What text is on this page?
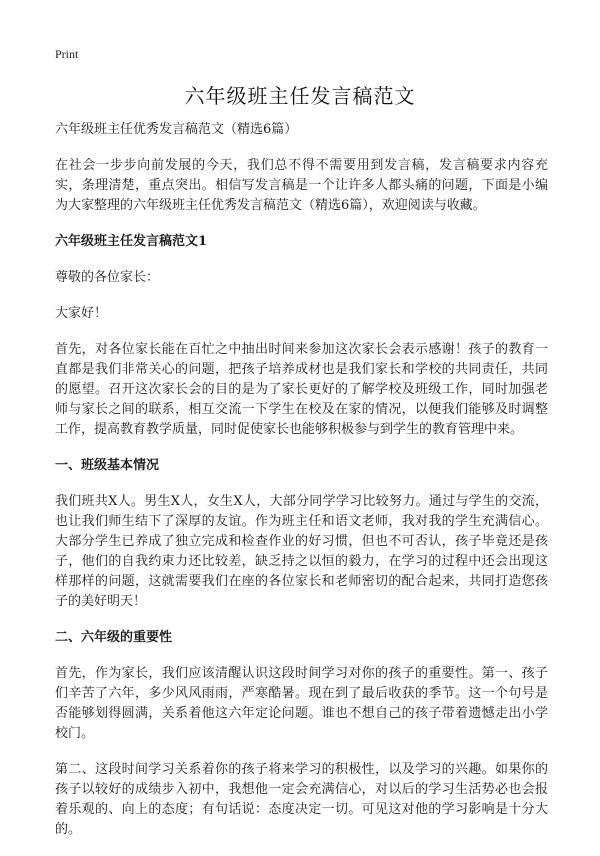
Print
六年级班主任发言稿范文

六年级班主任优秀发言稿范文（精选6篇）

在社会一步步向前发展的今天，我们总不得不需要用到发言稿，发言稿要求内容充实，条理清楚，重点突出。相信写发言稿是一个让许多人都头痛的问题，下面是小编为大家整理的六年级班主任优秀发言稿范文（精选6篇），欢迎阅读与收藏。

六年级班主任发言稿范文1

尊敬的各位家长：

大家好！

首先，对各位家长能在百忙之中抽出时间来参加这次家长会表示感谢！孩子的教育一直都是我们非常关心的问题，把孩子培养成材也是我们家长和学校的共同责任，共同的愿望。召开这次家长会的目的是为了家长更好的了解学校及班级工作，同时加强老师与家长之间的联系，相互交流一下学生在校及在家的情况，以便我们能够及时调整工作，提高教育教学质量，同时促使家长也能够积极参与到学生的教育管理中来。

一、班级基本情况

我们班共X人。男生X人，女生X人，大部分同学学习比较努力。通过与学生的交流，也让我们师生结下了深厚的友谊。作为班主任和语文老师，我对我的学生充满信心。大部分学生已养成了独立完成和检查作业的好习惯，但也不可否认，孩子毕竟还是孩子，他们的自我约束力还比较差，缺乏持之以恒的毅力，在学习的过程中还会出现这样那样的问题，这就需要我们在座的各位家长和老师密切的配合起来，共同打造您孩子的美好明天！

二、六年级的重要性

首先，作为家长，我们应该清醒认识这段时间学习对你的孩子的重要性。第一、孩子们辛苦了六年，多少风风雨雨，严寒酷暑。现在到了最后收获的季节。这一个句号是否能够划得圆满，关系着他这六年定论问题。谁也不想自己的孩子带着遗憾走出小学校门。

第二、这段时间学习关系着你的孩子将来学习的积极性，以及学习的兴趣。如果你的孩子以较好的成绩步入初中，我想他一定会充满信心，对以后的学习生活势必也会报着乐观的、向上的态度；有句话说：态度决定一切。可见这对他的学习影响是十分大的。
